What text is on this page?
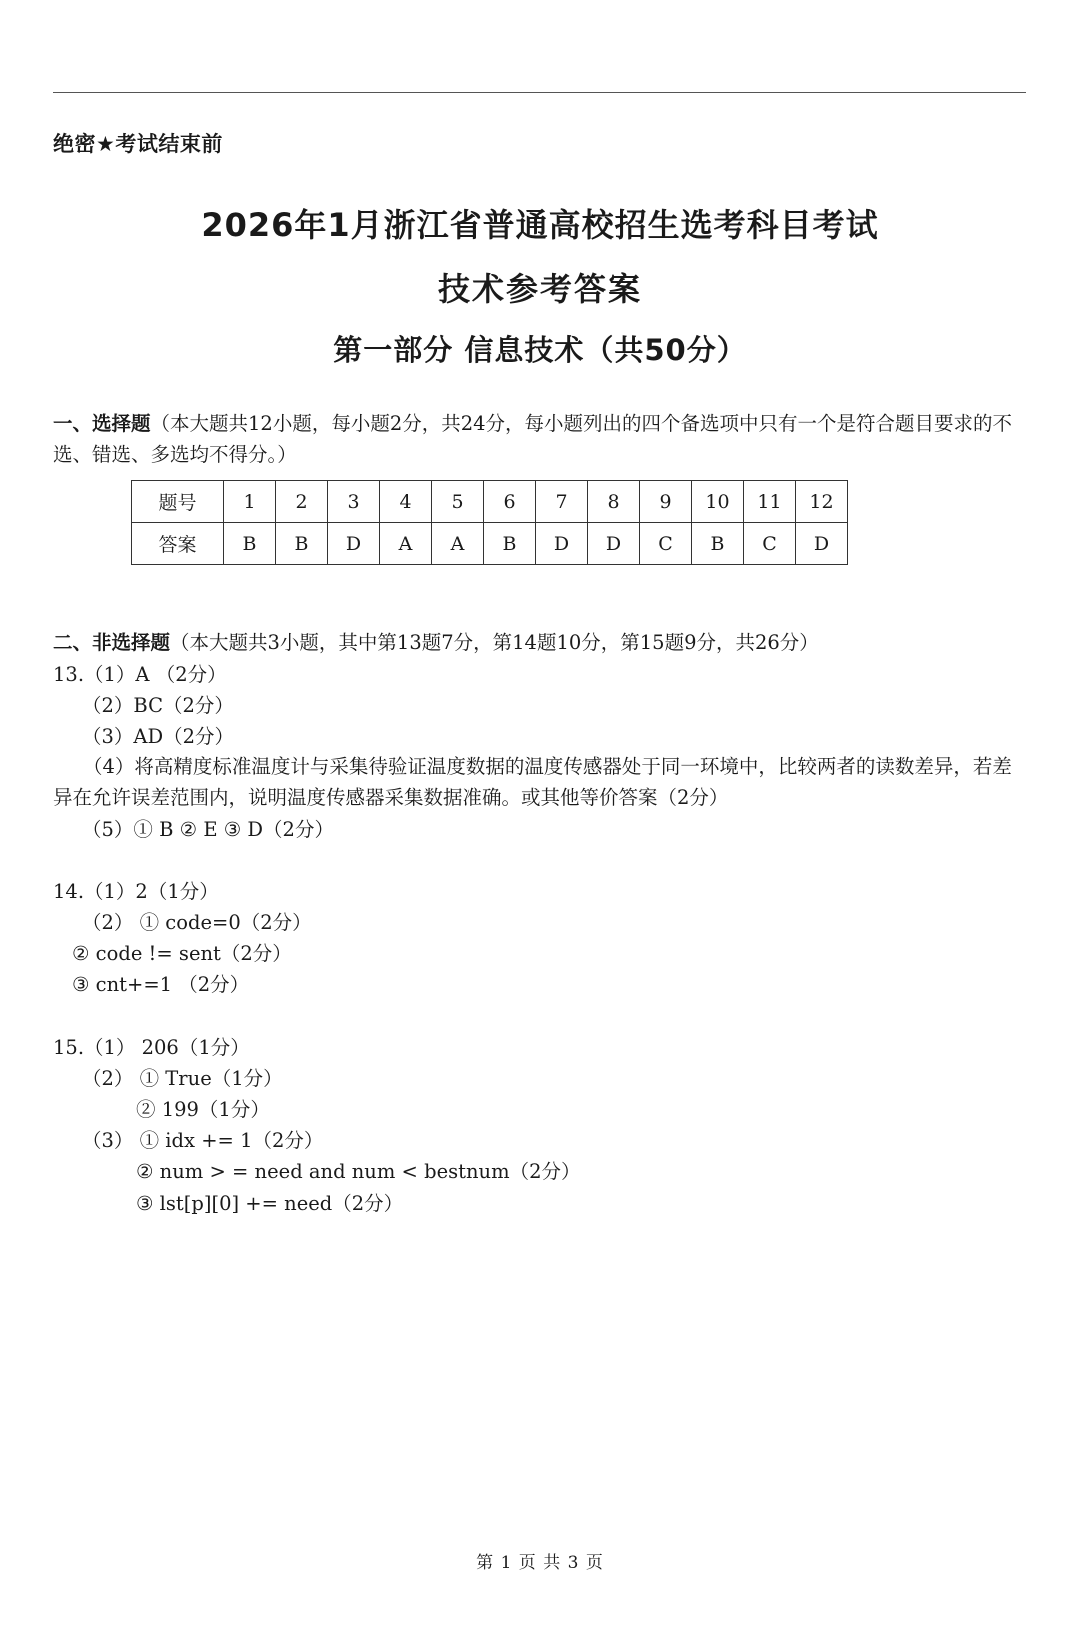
绝密★考试结束前
2026年1月浙江省普通高校招生选考科目考试
技术参考答案
第一部分 信息技术（共50分）
一、选择题（本大题共12小题，每小题2分，共24分，每小题列出的四个备选项中只有一个是符合题目要求的不选、错选、多选均不得分。）
题号	1	2	3	4	5	6	7	8	9	10	11	12
答案	B	B	D	A	A	B	D	D	C	B	C	D
二、非选择题（本大题共3小题，其中第13题7分，第14题10分，第15题9分，共26分）
13.（1）A （2分）
（2）BC（2分）
（3）AD（2分）
（4）将高精度标准温度计与采集待验证温度数据的温度传感器处于同一环境中，比较两者的读数差异，若差异在允许误差范围内，说明温度传感器采集数据准确。或其他等价答案（2分）
（5）① B ② E ③ D（2分）
14.（1）2（1分）
（2） ① code=0（2分）
② code != sent（2分）
③ cnt+=1 （2分）
15.（1） 206（1分）
（2） ① True（1分）
② 199（1分）
（3） ① idx += 1（2分）
② num > = need and num < bestnum（2分）
③ lst[p][0] += need（2分）
第 1 页 共 3 页
